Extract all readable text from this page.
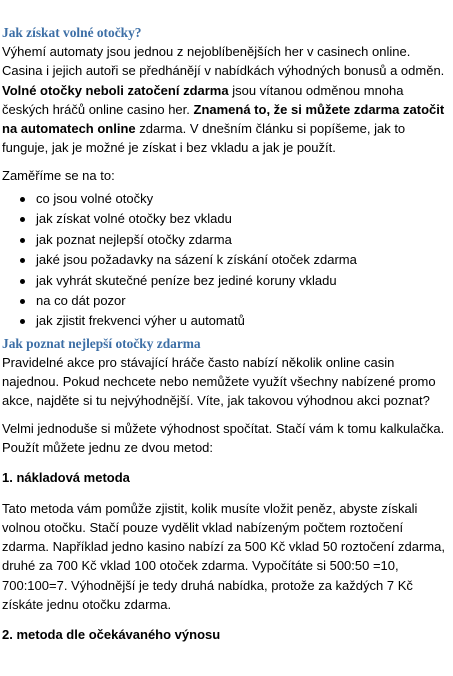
Jak získat volné otočky?

Výhemí automaty jsou jednou z nejoblíbenějších her v casinech online. Casina i jejich autoři se předhánějí v nabídkách výhodných bonusů a odměn. Volné otočky neboli zatočení zdarma jsou vítanou odměnou mnoha českých hráčů online casino her. Znamená to, že si můžete zdarma zatočit na automatech online zdarma. V dnešním článku si popíšeme, jak to funguje, jak je možné je získat i bez vkladu a jak je použít.

Zaměříme se na to:

co jsou volné otočky
jak získat volné otočky bez vkladu
jak poznat nejlepší otočky zdarma
jaké jsou požadavky na sázení k získání otoček zdarma
jak vyhrát skutečné peníze bez jediné koruny vkladu
na co dát pozor
jak zjistit frekvenci výher u automatů
Jak poznat nejlepší otočky zdarma

Pravidelné akce pro stávající hráče často nabízí několik online casin najednou. Pokud nechcete nebo nemůžete využít všechny nabízené promo akce, najděte si tu nejvýhodnější. Víte, jak takovou výhodnou akci poznat?

Velmi jednoduše si můžete výhodnost spočítat. Stačí vám k tomu kalkulačka. Použít můžete jednu ze dvou metod:

1. nákladová metoda

Tato metoda vám pomůže zjistit, kolik musíte vložit peněz, abyste získali volnou otočku. Stačí pouze vydělit vklad nabízeným počtem roztočení zdarma. Například jedno kasino nabízí za 500 Kč vklad 50 roztočení zdarma, druhé za 700 Kč vklad 100 otoček zdarma. Vypočítáte si 500:50 =10, 700:100=7. Výhodnější je tedy druhá nabídka, protože za každých 7 Kč získáte jednu otočku zdarma.

2. metoda dle očekávaného výnosu
